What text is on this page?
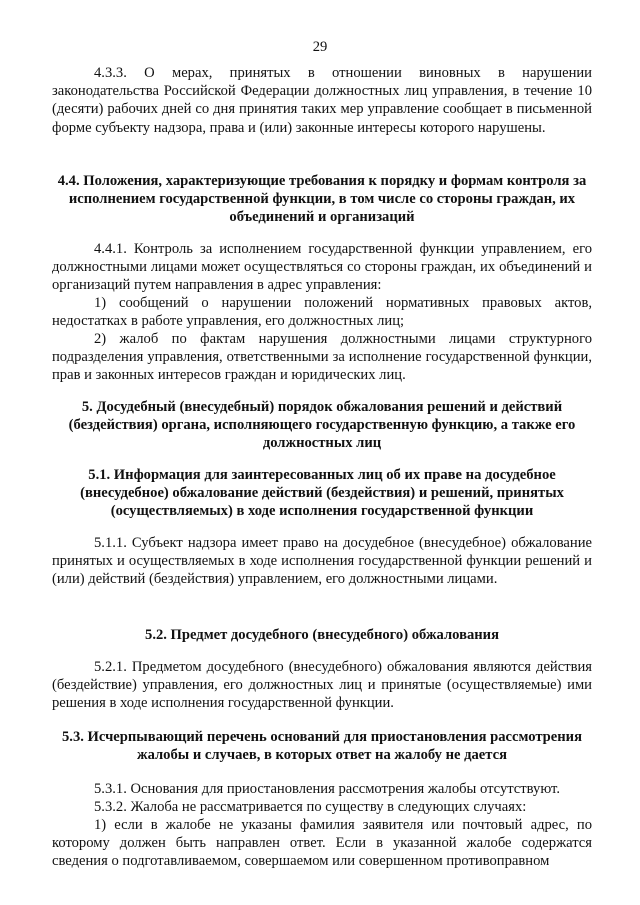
29

4.3.3. О мерах, принятых в отношении виновных в нарушении законодательства Российской Федерации должностных лиц управления, в течение 10 (десяти) рабочих дней со дня принятия таких мер управление сообщает в письменной форме субъекту надзора, права и (или) законные интересы которого нарушены.

4.4. Положения, характеризующие требования к порядку и формам контроля за исполнением государственной функции, в том числе со стороны граждан, их объединений и организаций

4.4.1. Контроль за исполнением государственной функции управлением, его должностными лицами может осуществляться со стороны граждан, их объединений и организаций путем направления в адрес управления:

1) сообщений о нарушении положений нормативных правовых актов, недостатках в работе управления, его должностных лиц;

2) жалоб по фактам нарушения должностными лицами структурного подразделения управления, ответственными за исполнение государственной функции, прав и законных интересов граждан и юридических лиц.

5. Досудебный (внесудебный) порядок обжалования решений и действий (бездействия) органа, исполняющего государственную функцию, а также его должностных лиц

5.1. Информация для заинтересованных лиц об их праве на досудебное (внесудебное) обжалование действий (бездействия) и решений, принятых (осуществляемых) в ходе исполнения государственной функции

5.1.1. Субъект надзора имеет право на досудебное (внесудебное) обжалование принятых и осуществляемых в ходе исполнения государственной функции решений и (или) действий (бездействия) управлением, его должностными лицами.

5.2. Предмет досудебного (внесудебного) обжалования

5.2.1. Предметом досудебного (внесудебного) обжалования являются действия (бездействие) управления, его должностных лиц и принятые (осуществляемые) ими решения в ходе исполнения государственной функции.

5.3. Исчерпывающий перечень оснований для приостановления рассмотрения жалобы и случаев, в которых ответ на жалобу не дается

5.3.1. Основания для приостановления рассмотрения жалобы отсутствуют.

5.3.2. Жалоба не рассматривается по существу в следующих случаях:

1) если в жалобе не указаны фамилия заявителя или почтовый адрес, по которому должен быть направлен ответ. Если в указанной жалобе содержатся сведения о подготавливаемом, совершаемом или совершенном противоправном
